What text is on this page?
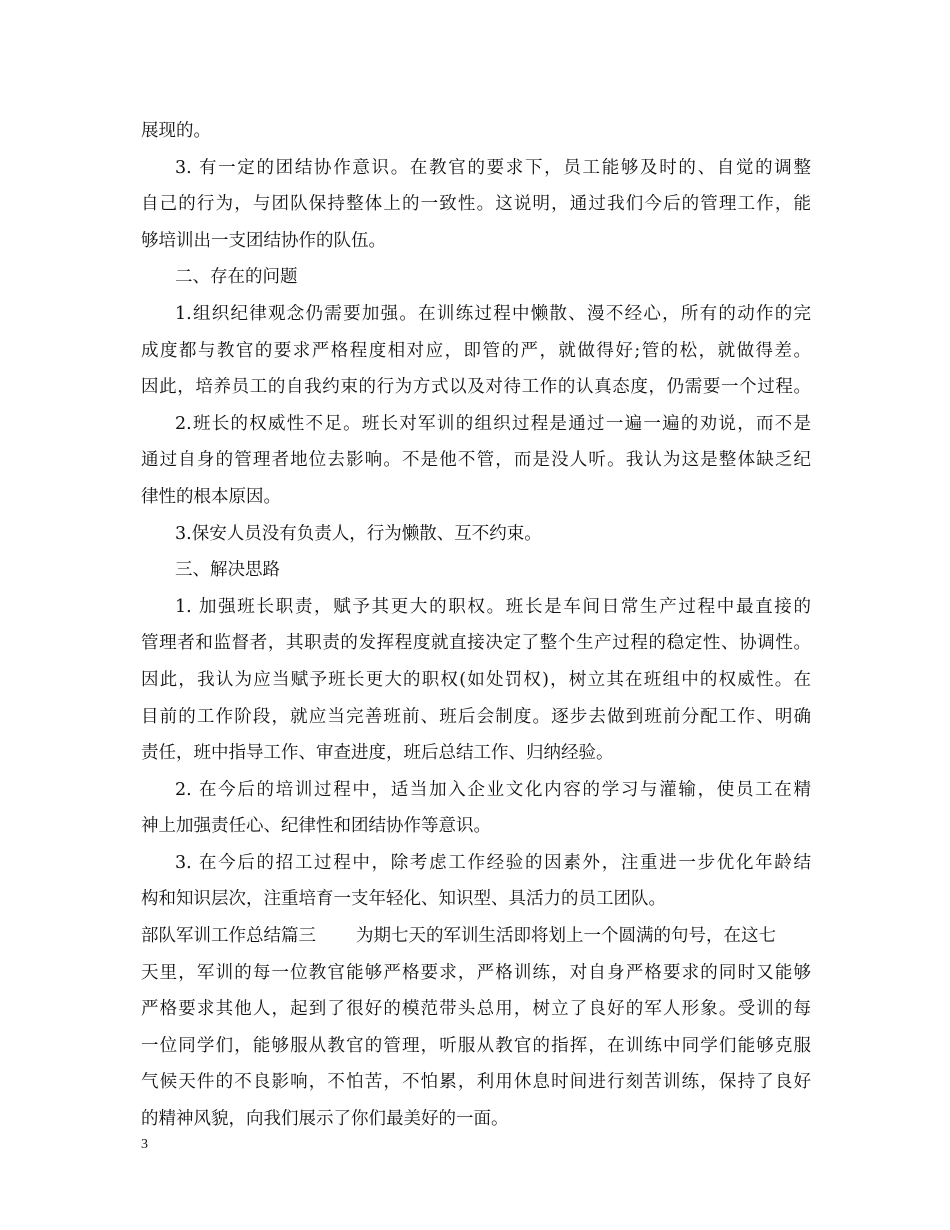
展现的。

3. 有一定的团结协作意识。在教官的要求下，员工能够及时的、自觉的调整

自己的行为，与团队保持整体上的一致性。这说明，通过我们今后的管理工作，能

够培训出一支团结协作的队伍。

二、存在的问题

1.组织纪律观念仍需要加强。在训练过程中懒散、漫不经心，所有的动作的完

成度都与教官的要求严格程度相对应，即管的严，就做得好;管的松，就做得差。

因此，培养员工的自我约束的行为方式以及对待工作的认真态度，仍需要一个过程。

2.班长的权威性不足。班长对军训的组织过程是通过一遍一遍的劝说，而不是

通过自身的管理者地位去影响。不是他不管，而是没人听。我认为这是整体缺乏纪

律性的根本原因。

3.保安人员没有负责人，行为懒散、互不约束。

三、解决思路

1. 加强班长职责，赋予其更大的职权。班长是车间日常生产过程中最直接的

管理者和监督者，其职责的发挥程度就直接决定了整个生产过程的稳定性、协调性。

因此，我认为应当赋予班长更大的职权(如处罚权)，树立其在班组中的权威性。在

目前的工作阶段，就应当完善班前、班后会制度。逐步去做到班前分配工作、明确

责任，班中指导工作、审查进度，班后总结工作、归纳经验。

2. 在今后的培训过程中，适当加入企业文化内容的学习与灌输，使员工在精

神上加强责任心、纪律性和团结协作等意识。

3. 在今后的招工过程中，除考虑工作经验的因素外，注重进一步优化年龄结

构和知识层次，注重培育一支年轻化、知识型、具活力的员工团队。

部队军训工作总结篇三 为期七天的军训生活即将划上一个圆满的句号，在这七

天里，军训的每一位教官能够严格要求，严格训练，对自身严格要求的同时又能够

严格要求其他人，起到了很好的模范带头总用，树立了良好的军人形象。受训的每

一位同学们，能够服从教官的管理，听服从教官的指挥，在训练中同学们能够克服

气候天件的不良影响，不怕苦，不怕累，利用休息时间进行刻苦训练，保持了良好

的精神风貌，向我们展示了你们最美好的一面。

3
